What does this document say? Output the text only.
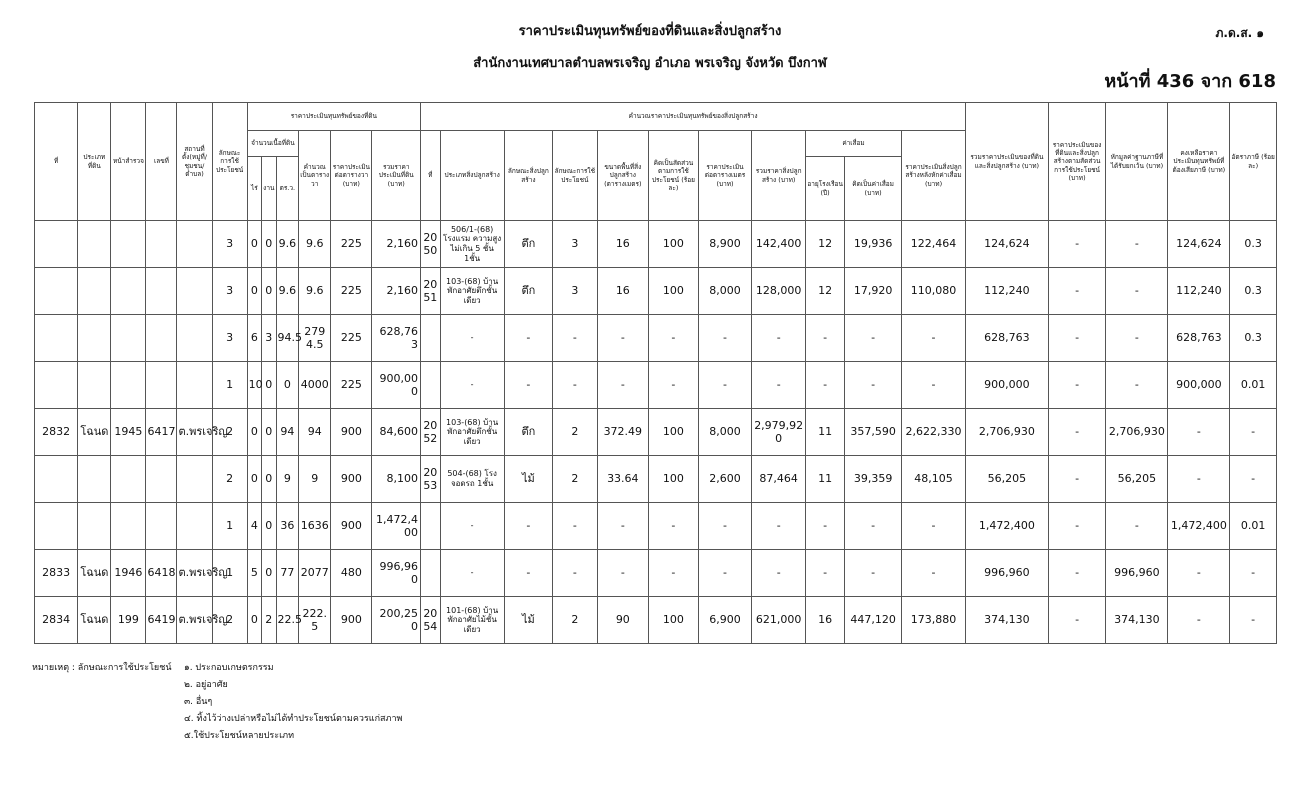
ราคาประเมินทุนทรัพย์ของที่ดินและสิ่งปลูกสร้าง	ภ.ด.ส. ๑
สำนักงานเทศบาลตำบลพรเจริญ อำเภอ พรเจริญ จังหวัด บึงกาฬ
หน้าที่ 436 จาก 618
ที่	ประเภทที่ดิน	หน้าสำรวจ	เลขที่	สถานที่ตั้ง(หมู่ที่/ชุมชน/ตำบล)	ลักษณะการใช้ประโยชน์	ราคาประเมินทุนทรัพย์ของที่ดิน						คำนวณราคาประเมินทุนทรัพย์ของสิ่งปลูกสร้าง											รวมราคาประเมินของที่ดินและสิ่งปลูกสร้าง (บาท)	ราคาประเมินของที่ดินและสิ่งปลูกสร้างตามสัดส่วนการใช้ประโยชน์ (บาท)	หักมูลค่าฐานภาษีที่ได้รับยกเว้น (บาท)	คงเหลือราคาประเมินทุนทรัพย์ที่ต้องเสียภาษี (บาท)	อัตราภาษี (ร้อยละ)
						จำนวนเนื้อที่ดิน			คำนวณเป็นตารางวา	ราคาประเมินต่อตารางวา (บาท)	รวมราคาประเมินที่ดิน (บาท)	ที่	ประเภทสิ่งปลูกสร้าง	ลักษณะสิ่งปลูกสร้าง	ลักษณะการใช้ประโยชน์	ขนาดพื้นที่สิ่งปลูกสร้าง (ตารางเมตร)	คิดเป็นสัดส่วนตามการใช้ประโยชน์ (ร้อยละ)	ราคาประเมินต่อตารางเมตร (บาท)	รวมราคาสิ่งปลูกสร้าง (บาท)	ค่าเสื่อม		ราคาประเมินสิ่งปลูกสร้างหลังหักค่าเสื่อม (บาท)					
						ไร่	งาน	ตร.ว.												อายุโรงเรือน (ปี)	คิดเป็นค่าเสื่อม (บาท)						
					3	0	0	9.6	9.6	225	2,160	2050	506/1-(68) โรงแรม ความสูงไม่เกิน 5 ชั้น 1ชั้น	ตึก	3	16	100	8,900	142,400	12	19,936	122,464	124,624	-	-	124,624	0.3
					3	0	0	9.6	9.6	225	2,160	2051	103-(68) บ้านพักอาศัยตึกชั้นเดียว	ตึก	3	16	100	8,000	128,000	12	17,920	110,080	112,240	-	-	112,240	0.3
					3	6	3	94.5	2794.5	225	628,763		-	-	-	-	-	-	-	-	-	-	628,763	-	-	628,763	0.3
					1	10	0	0	4000	225	900,000		-	-	-	-	-	-	-	-	-	-	900,000	-	-	900,000	0.01
2832	โฉนด	1945	6417	ต.พรเจริญ	2	0	0	94	94	900	84,600	2052	103-(68) บ้านพักอาศัยตึกชั้นเดียว	ตึก	2	372.49	100	8,000	2,979,920	11	357,590	2,622,330	2,706,930	-	2,706,930	-	-
					2	0	0	9	9	900	8,100	2053	504-(68) โรงจอดรถ 1ชั้น	ไม้	2	33.64	100	2,600	87,464	11	39,359	48,105	56,205	-	56,205	-	-
					1	4	0	36	1636	900	1,472,400		-	-	-	-	-	-	-	-	-	-	1,472,400	-	-	1,472,400	0.01
2833	โฉนด	1946	6418	ต.พรเจริญ	1	5	0	77	2077	480	996,960		-	-	-	-	-	-	-	-	-	-	996,960	-	996,960	-	-
2834	โฉนด	199	6419	ต.พรเจริญ	2	0	2	22.5	222.5	900	200,250	2054	101-(68) บ้านพักอาศัยไม้ชั้นเดียว	ไม้	2	90	100	6,900	621,000	16	447,120	173,880	374,130	-	374,130	-	-
หมายเหตุ : ลักษณะการใช้ประโยชน์	๑. ประกอบเกษตรกรรม
๒. อยู่อาศัย
๓. อื่นๆ
๔. ทิ้งไว้ว่างเปล่าหรือไม่ได้ทำประโยชน์ตามควรแก่สภาพ
๕.ใช้ประโยชน์หลายประเภท
